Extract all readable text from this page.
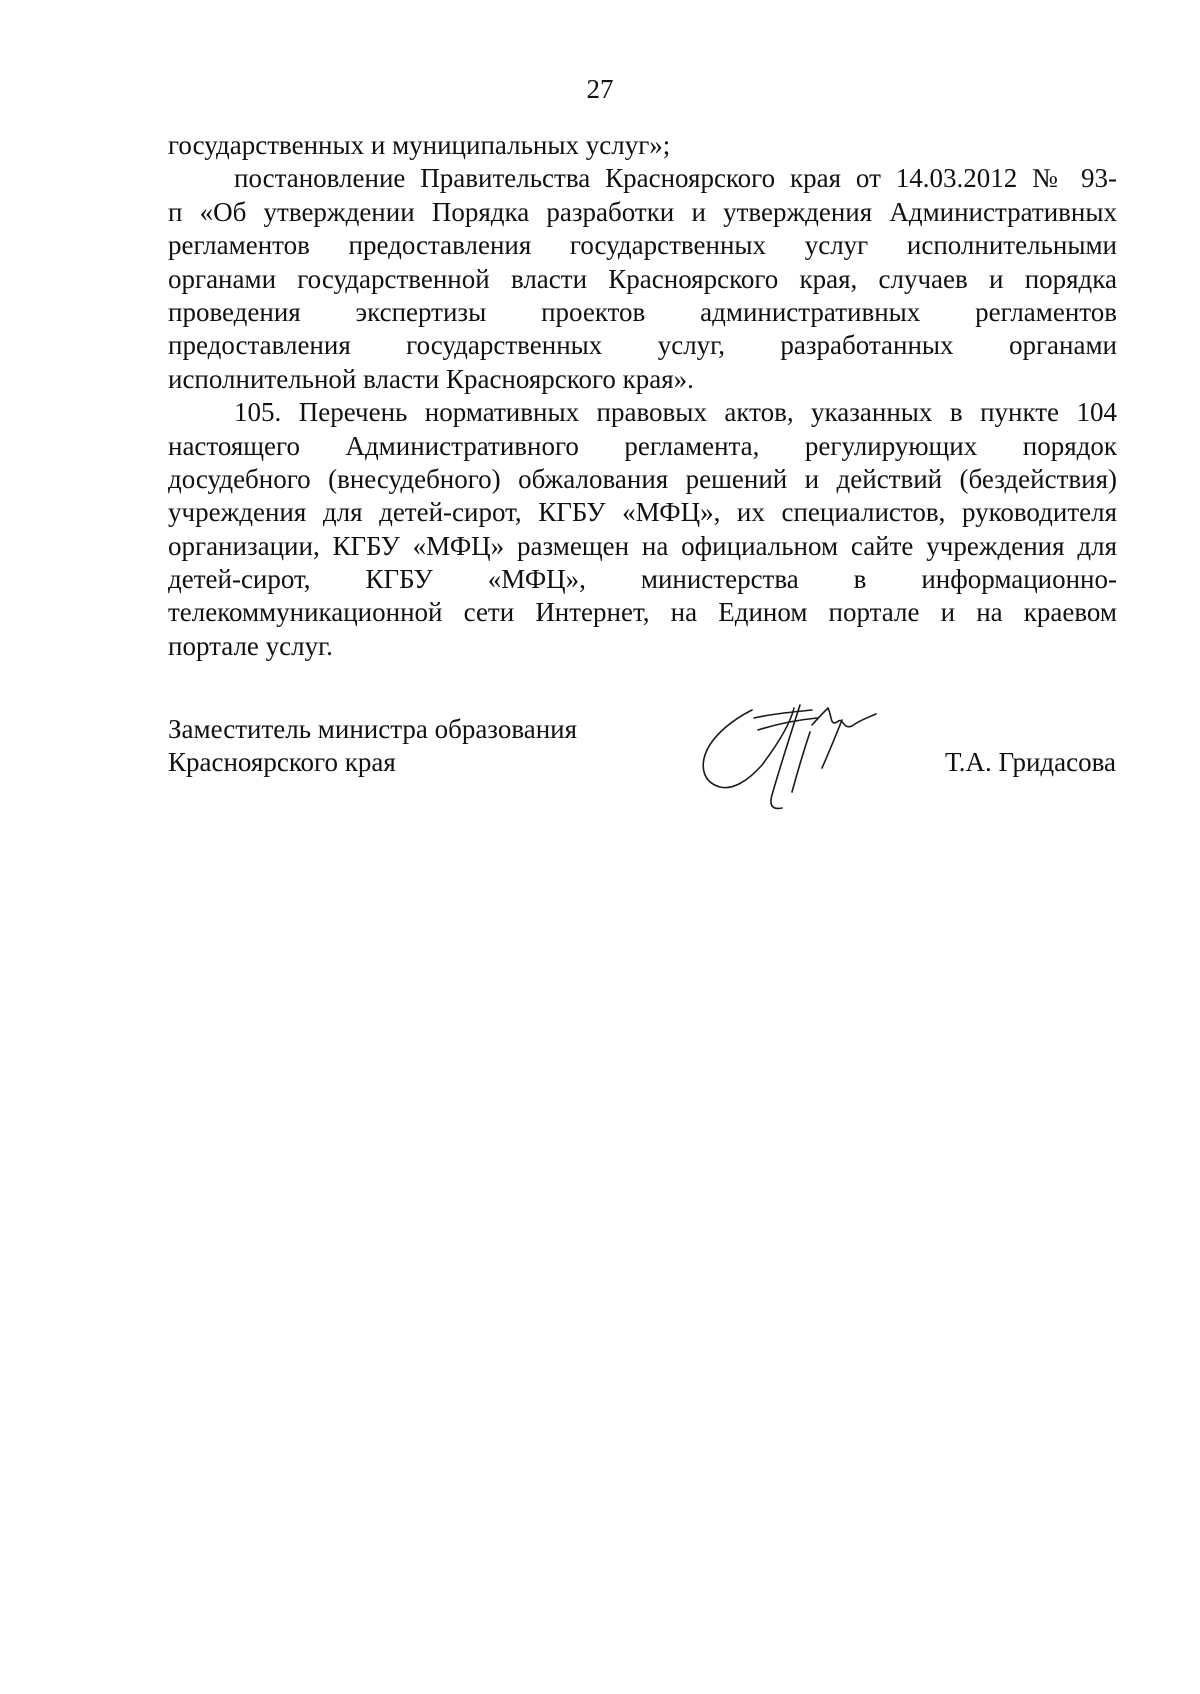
27
государственных и муниципальных услуг»;
постановление Правительства Красноярского края от 14.03.2012 № 93-
п «Об утверждении Порядка разработки и утверждения Административных
регламентов предоставления государственных услуг исполнительными
органами государственной власти Красноярского края, случаев и порядка
проведения экспертизы проектов административных регламентов
предоставления государственных услуг, разработанных органами
исполнительной власти Красноярского края».
105. Перечень нормативных правовых актов, указанных в пункте 104
настоящего Административного регламента, регулирующих порядок
досудебного (внесудебного) обжалования решений и действий (бездействия)
учреждения для детей-сирот, КГБУ «МФЦ», их специалистов, руководителя
организации, КГБУ «МФЦ» размещен на официальном сайте учреждения для
детей-сирот, КГБУ «МФЦ», министерства в информационно-
телекоммуникационной сети Интернет, на Едином портале и на краевом
портале услуг.
Заместитель министра образования
Красноярского края	Т.А. Гридасова
